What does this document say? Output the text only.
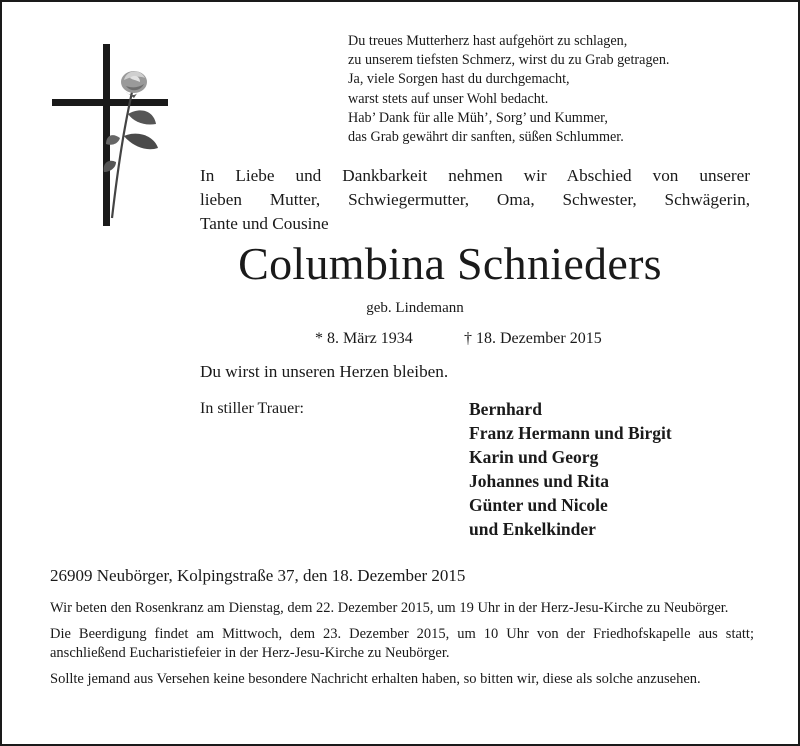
Du treues Mutterherz hast aufgehört zu schlagen,
zu unserem tiefsten Schmerz, wirst du zu Grab getragen.
Ja, viele Sorgen hast du durchgemacht,
warst stets auf unser Wohl bedacht.
Hab’ Dank für alle Müh’, Sorg’ und Kummer,
das Grab gewährt dir sanften, süßen Schlummer.
In Liebe und Dankbarkeit nehmen wir Abschied von unserer
lieben Mutter, Schwiegermutter, Oma, Schwester, Schwägerin,
Tante und Cousine
Columbina Schnieders
geb. Lindemann
* 8. März 1934	† 18. Dezember 2015
Du wirst in unseren Herzen bleiben.
In stiller Trauer:	Bernhard
Franz Hermann und Birgit
Karin und Georg
Johannes und Rita
Günter und Nicole
und Enkelkinder
26909 Neubörger, Kolpingstraße 37, den 18. Dezember 2015
Wir beten den Rosenkranz am Dienstag, dem 22. Dezember 2015, um 19 Uhr in der Herz-Jesu-Kirche zu Neubörger.
Die Beerdigung findet am Mittwoch, dem 23. Dezember 2015, um 10 Uhr von der Friedhofskapelle aus statt; anschließend Eucharistiefeier in der Herz-Jesu-Kirche zu Neubörger.
Sollte jemand aus Versehen keine besondere Nachricht erhalten haben, so bitten wir, diese als solche anzusehen.
